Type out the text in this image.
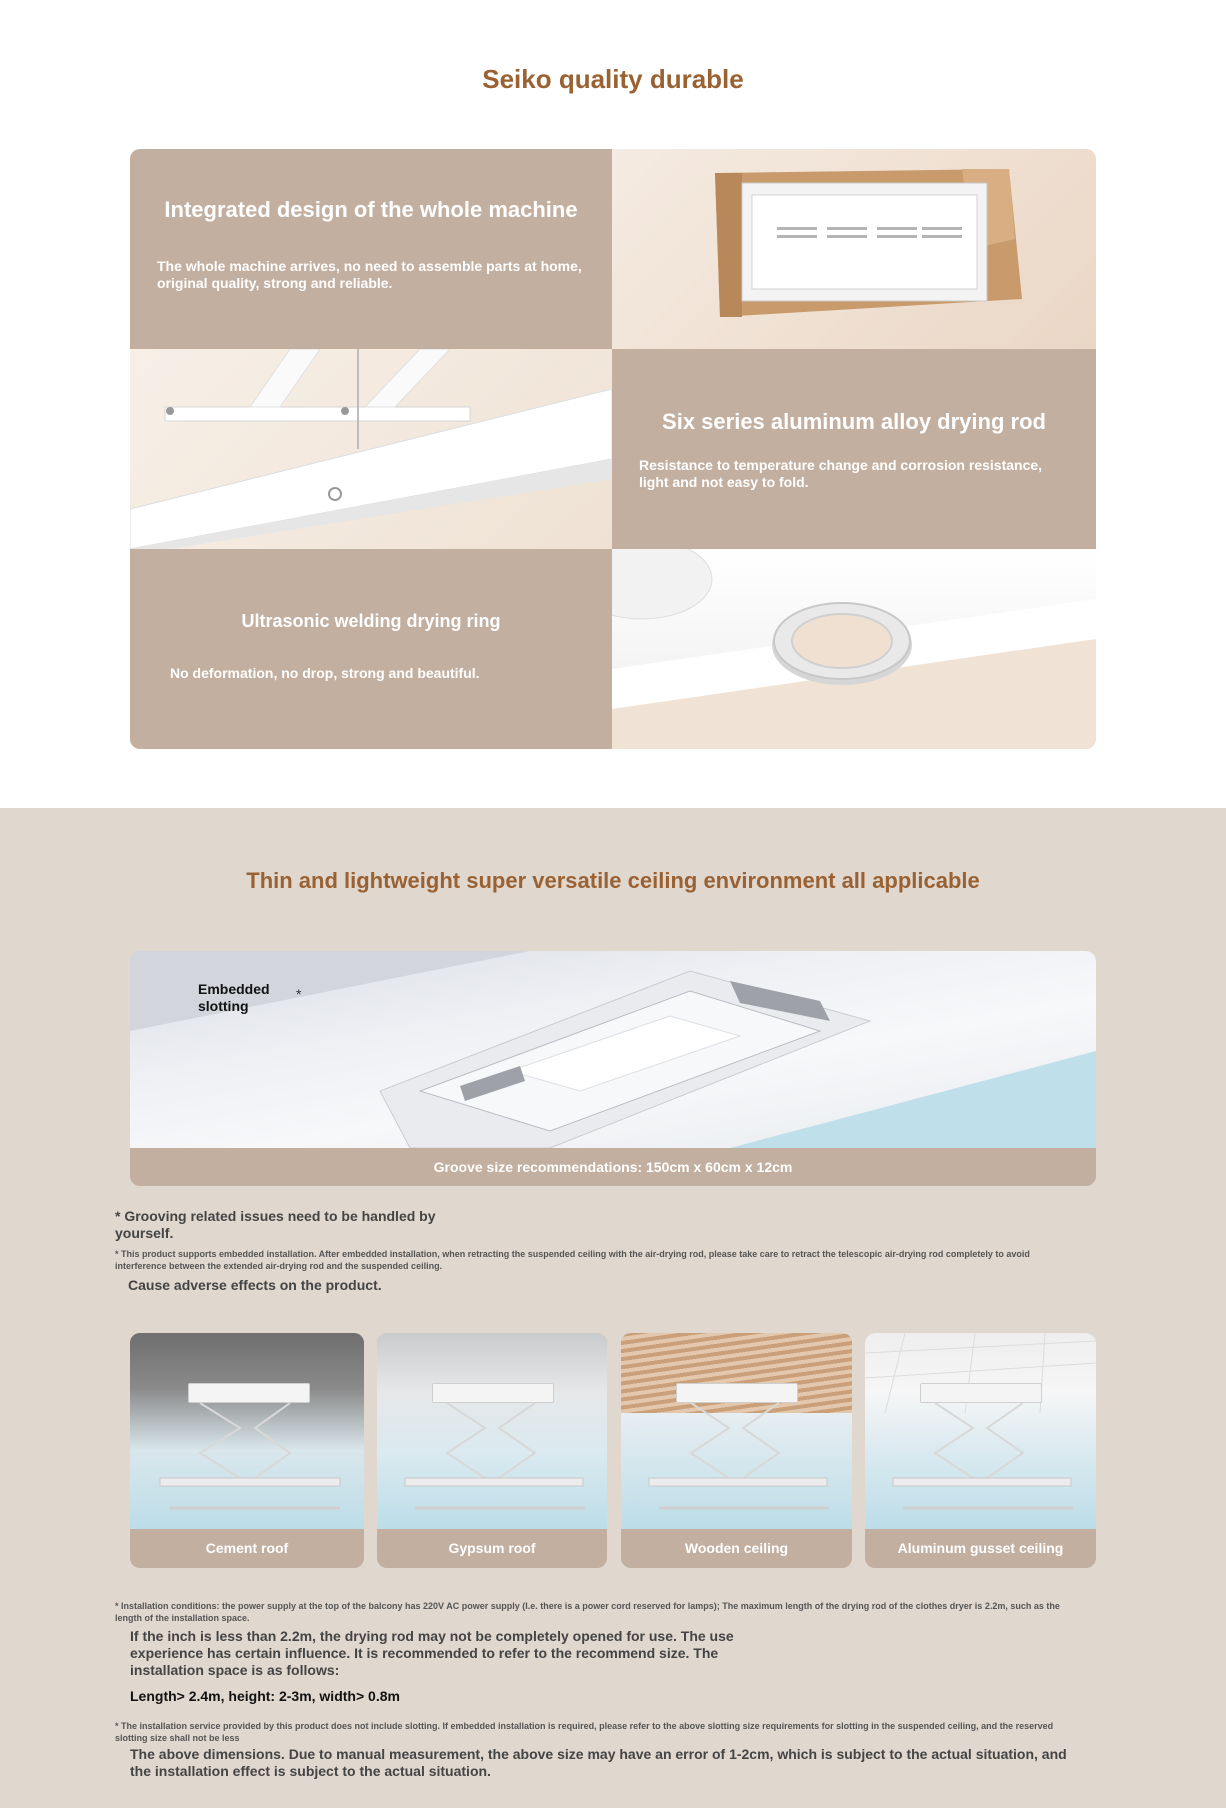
Seiko quality durable
Integrated design of the whole machine

The whole machine arrives, no need to assemble parts at home, original quality, strong and reliable.

Six series aluminum alloy drying rod

Resistance to temperature change and corrosion resistance, light and not easy to fold.

Ultrasonic welding drying ring

No deformation, no drop, strong and beautiful.

Thin and lightweight super versatile ceiling environment all applicable
Embedded slotting
*
Groove size recommendations: 150cm x 60cm x 12cm

* Grooving related issues need to be handled by yourself.

* This product supports embedded installation. After embedded installation, when retracting the suspended ceiling with the air-drying rod, please take care to retract the telescopic air-drying rod completely to avoid interference between the extended air-drying rod and the suspended ceiling.

Cause adverse effects on the product.

Cement roof	Gypsum roof	Wooden ceiling	Aluminum gusset ceiling

* Installation conditions: the power supply at the top of the balcony has 220V AC power supply (I.e. there is a power cord reserved for lamps); The maximum length of the drying rod of the clothes dryer is 2.2m, such as the length of the installation space.

If the inch is less than 2.2m, the drying rod may not be completely opened for use. The use experience has certain influence. It is recommended to refer to the recommend size. The installation space is as follows:

Length> 2.4m, height: 2-3m, width> 0.8m

* The installation service provided by this product does not include slotting. If embedded installation is required, please refer to the above slotting size requirements for slotting in the suspended ceiling, and the reserved slotting size shall not be less

The above dimensions. Due to manual measurement, the above size may have an error of 1-2cm, which is subject to the actual situation, and the installation effect is subject to the actual situation.
